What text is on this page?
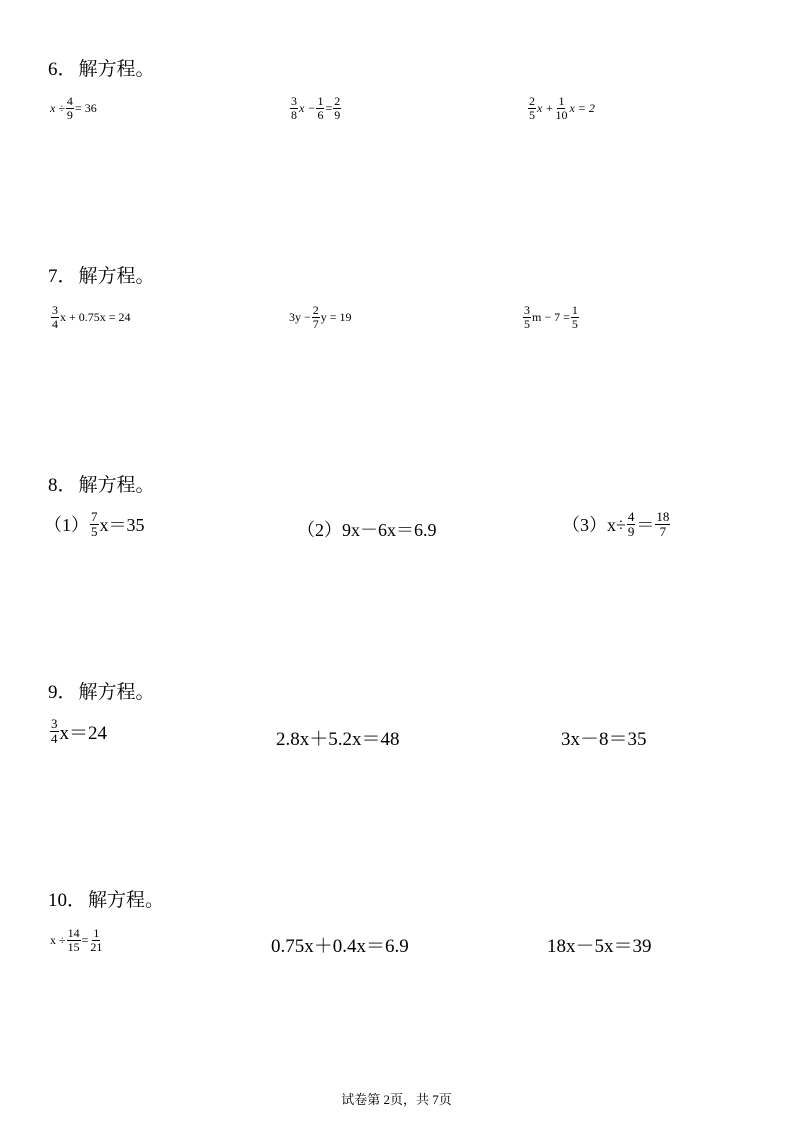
6． 解方程。
$x \div \frac{4}{9} = 36$	$\frac{3}{8}$ $x - \frac{1}{6} = \frac{2}{9}$	$\frac{2}{5}$ $x + \frac{1}{10}$ x = 2
7． 解方程。
$\frac{3}{4}$ x + 0.75x = 24	$3y - \frac{2}{7}$ y = 19	$\frac{3}{5}$ $m - 7 = \frac{1}{5}$
8． 解方程。
$(1) \frac{7}{5} x=35$	（2）9x－6x＝6.9	$(3)x\div \frac{4}{9} = \frac{18}{7}$
9． 解方程。
$\frac{3}{4} x=24$	2.8x＋5.2x＝48	3x－8＝35
10． 解方程。
$x \div \frac{14}{15} = \frac{1}{21}$	0.75x＋0.4x＝6.9	18x－5x＝39
试卷第 2页，共 7页
